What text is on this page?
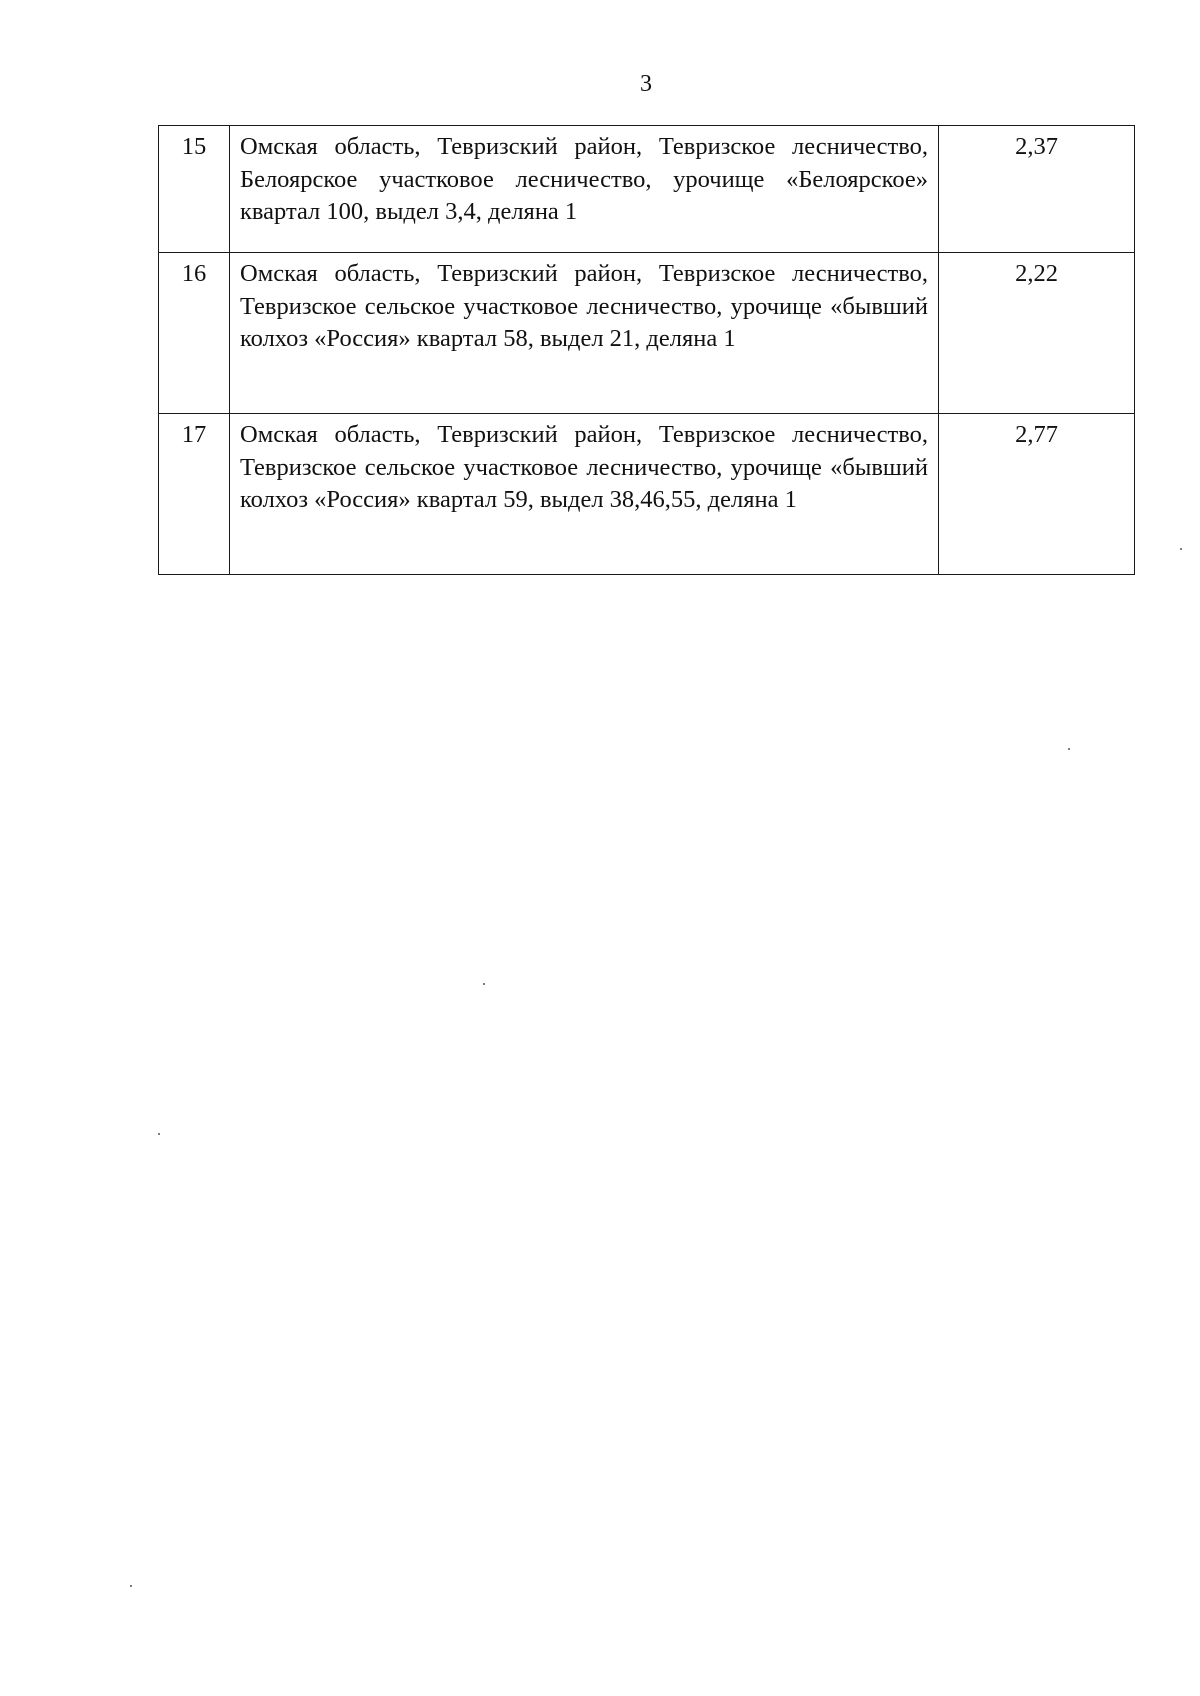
3
15	Омская область, Тевризский район, Тевризское лесничество, Белоярское участковое лесничество, урочище «Белоярское» квартал 100, выдел 3,4, деляна 1	2,37
16	Омская область, Тевризский район, Тевризское лесничество, Тевризское сельское участковое лесничество, урочище «бывший колхоз «Россия» квартал 58, выдел 21, деляна 1	2,22
17	Омская область, Тевризский район, Тевризское лесничество, Тевризское сельское участковое лесничество, урочище «бывший колхоз «Россия» квартал 59, выдел 38,46,55, деляна 1	2,77
